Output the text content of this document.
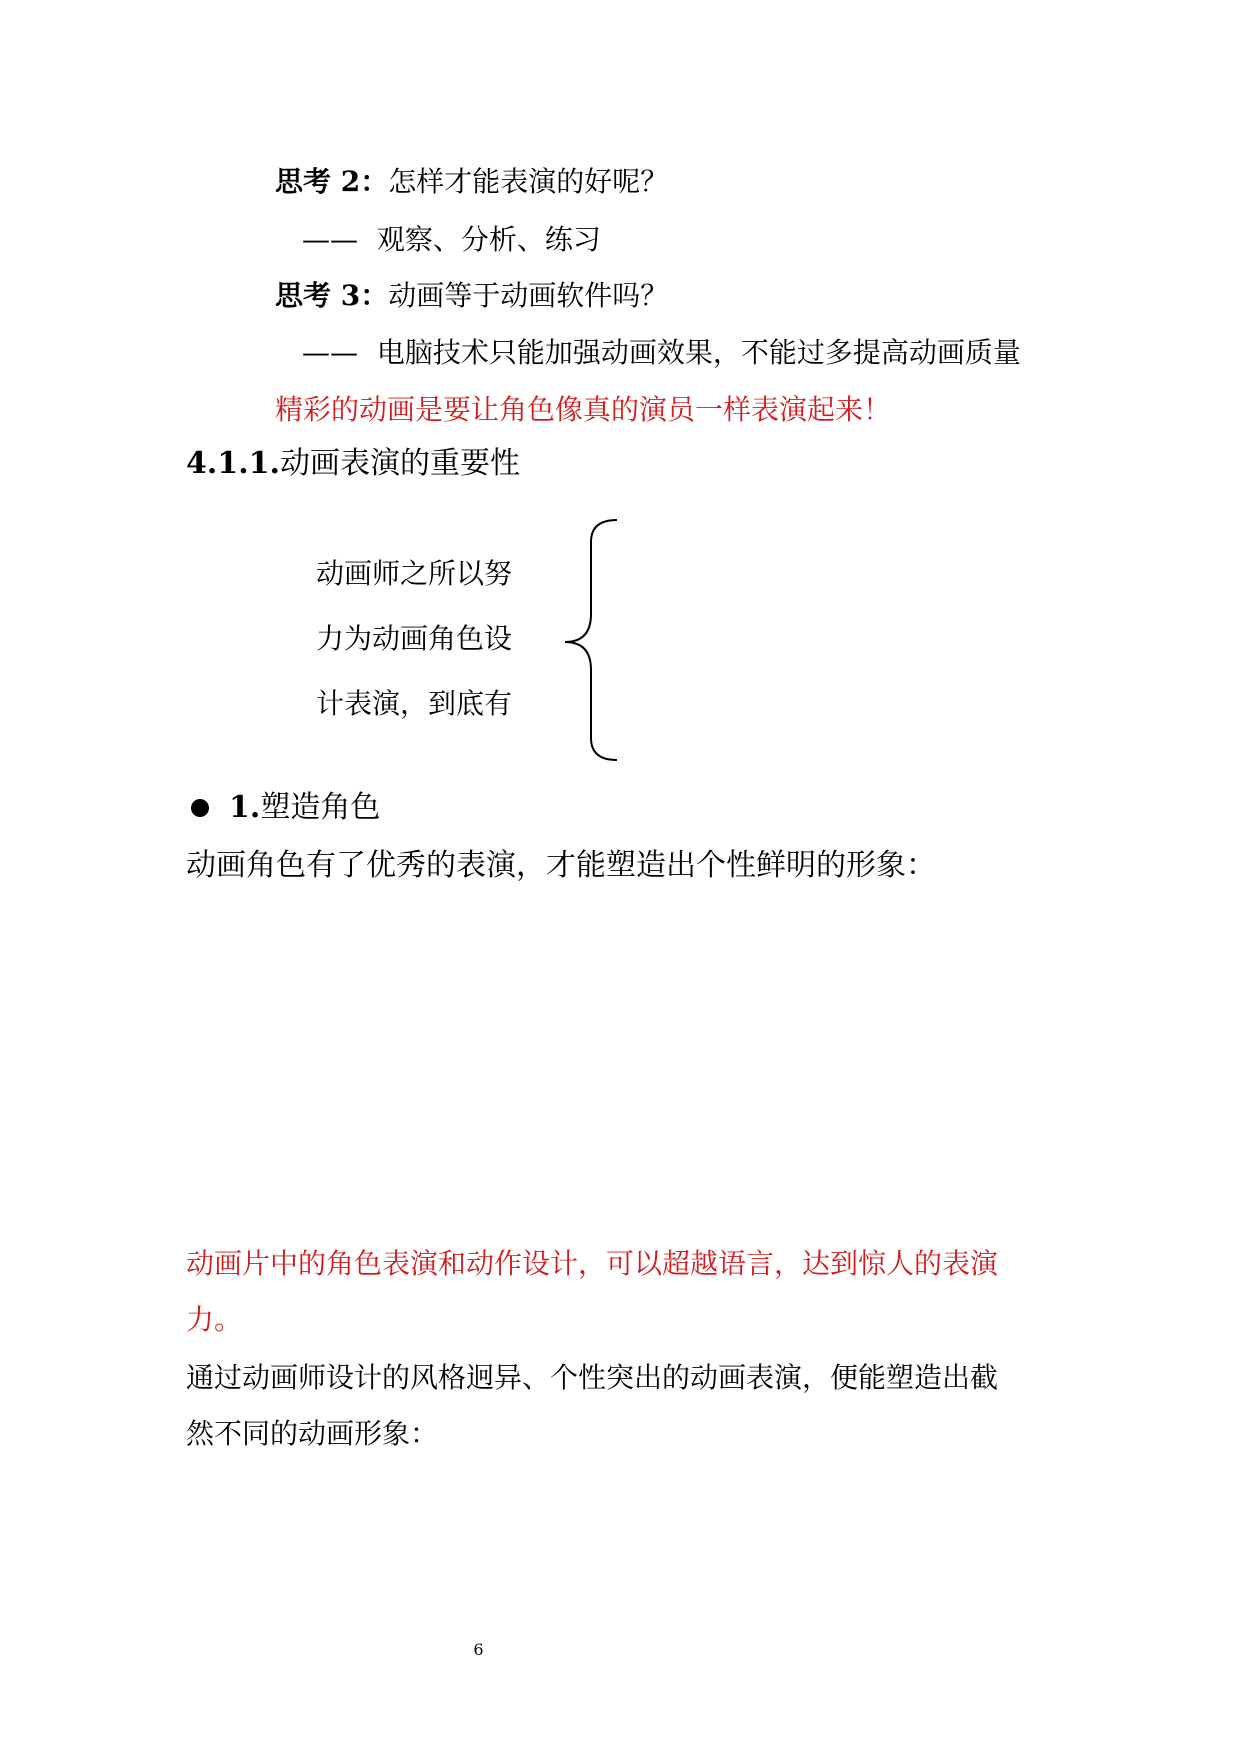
思考 2：怎样才能表演的好呢？
—— 观察、分析、练习
思考 3：动画等于动画软件吗？
—— 电脑技术只能加强动画效果，不能过多提高动画质量
精彩的动画是要让角色像真的演员一样表演起来！
4.1.1.动画表演的重要性
动画师之所以努
力为动画角色设
计表演，到底有
1.塑造角色
动画角色有了优秀的表演，才能塑造出个性鲜明的形象：
动画片中的角色表演和动作设计，可以超越语言，达到惊人的表演
力。
通过动画师设计的风格迥异、个性突出的动画表演，便能塑造出截
然不同的动画形象：
6
